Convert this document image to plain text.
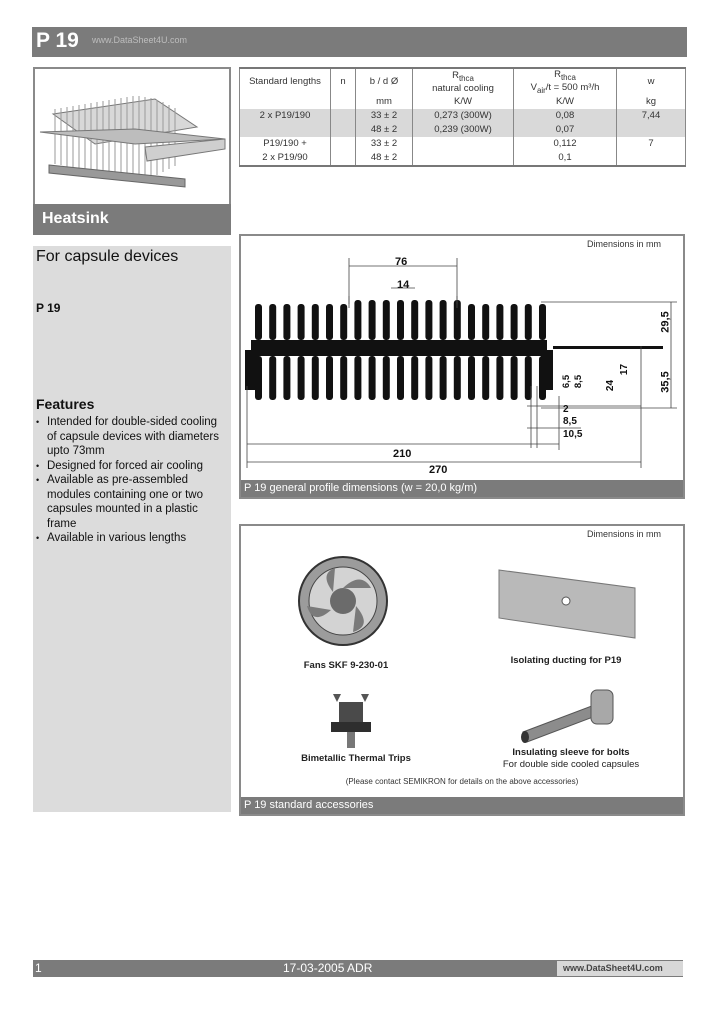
P 19 www.DataSheet4U.com
Heatsink
For capsule devices
P 19
Features
• Intended for double-sided cooling of capsule devices with diameters upto 73mm
• Designed for forced air cooling
• Available as pre-assembled modules containing one or two capsules mounted in a plastic frame
• Available in various lengths
Standard lengths	n	b / d Ø	$R_{thca}$
natural cooling	$R_{thca}$
$V_{air}/t = 500$ m³/h	w
		mm	K/W	K/W	kg
2 x P19/190		33 ± 2	0,273 (300W)	0,08	7,44
		48 ± 2	0,239 (300W)	0,07	
P19/190 +		33 ± 2		0,112	7
2 x P19/90		48 ± 2		0,1	
Dimensions in mm
76
14
29,5
35,5
17
24
6,5 8,5
2
8,5
10,5
210
270
P 19 general profile dimensions (w = 20,0 kg/m)
Dimensions in mm
Fans SKF 9-230-01	Isolating ducting for P19
Bimetallic Thermal Trips
Insulating sleeve for bolts
For double side cooled capsules
(Please contact SEMIKRON for details on the above accessories)
P 19 standard accessories
1	17-03-2005 ADR	www.DataSheet4U.com
